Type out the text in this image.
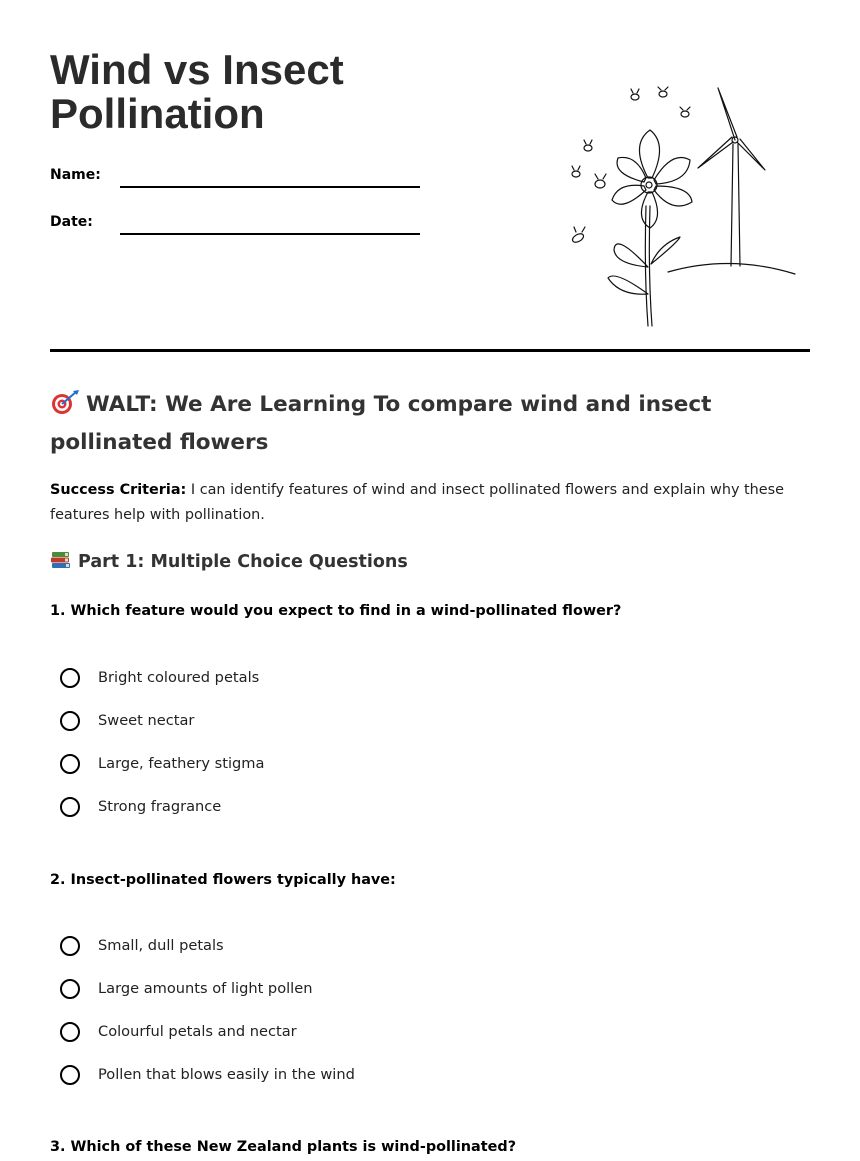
Wind vs Insect Pollination
Name:
Date:
WALT: We Are Learning To compare wind and insect pollinated flowers

Success Criteria: I can identify features of wind and insect pollinated flowers and explain why these features help with pollination.

Part 1: Multiple Choice Questions

1. Which feature would you expect to find in a wind-pollinated flower?

Bright coloured petals
Sweet nectar
Large, feathery stigma
Strong fragrance

2. Insect-pollinated flowers typically have:

Small, dull petals
Large amounts of light pollen
Colourful petals and nectar
Pollen that blows easily in the wind

3. Which of these New Zealand plants is wind-pollinated?
